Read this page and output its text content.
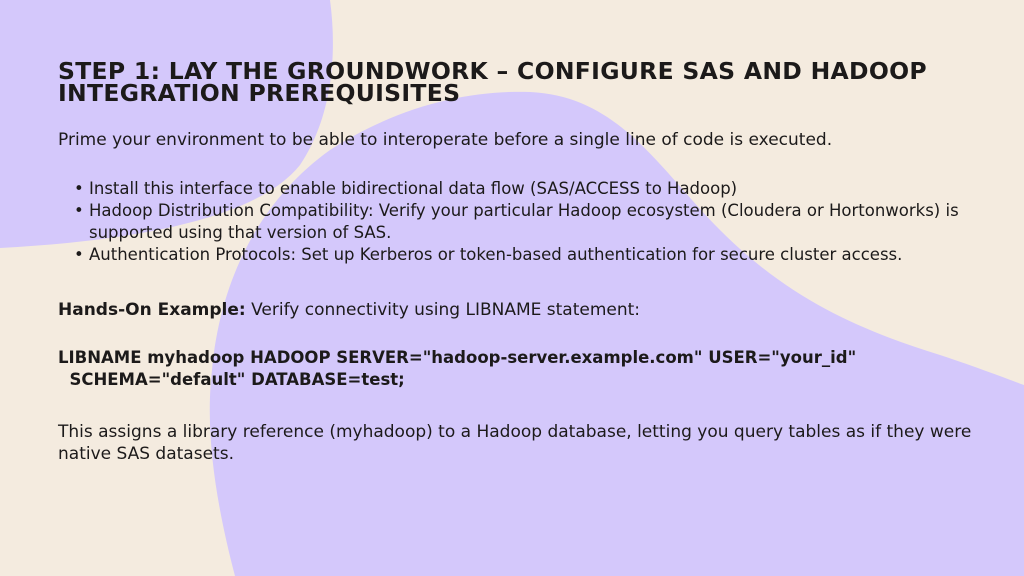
STEP 1: LAY THE GROUNDWORK – CONFIGURE SAS AND HADOOP INTEGRATION PREREQUISITES

Prime your environment to be able to interoperate before a single line of code is executed.

• Install this interface to enable bidirectional data flow (SAS/ACCESS to Hadoop)
• Hadoop Distribution Compatibility: Verify your particular Hadoop ecosystem (Cloudera or Hortonworks) is supported using that version of SAS.
• Authentication Protocols: Set up Kerberos or token-based authentication for secure cluster access.

Hands-On Example: Verify connectivity using LIBNAME statement:

LIBNAME myhadoop HADOOP SERVER="hadoop-server.example.com" USER="your_id"
SCHEMA="default" DATABASE=test;

This assigns a library reference (myhadoop) to a Hadoop database, letting you query tables as if they were native SAS datasets.
